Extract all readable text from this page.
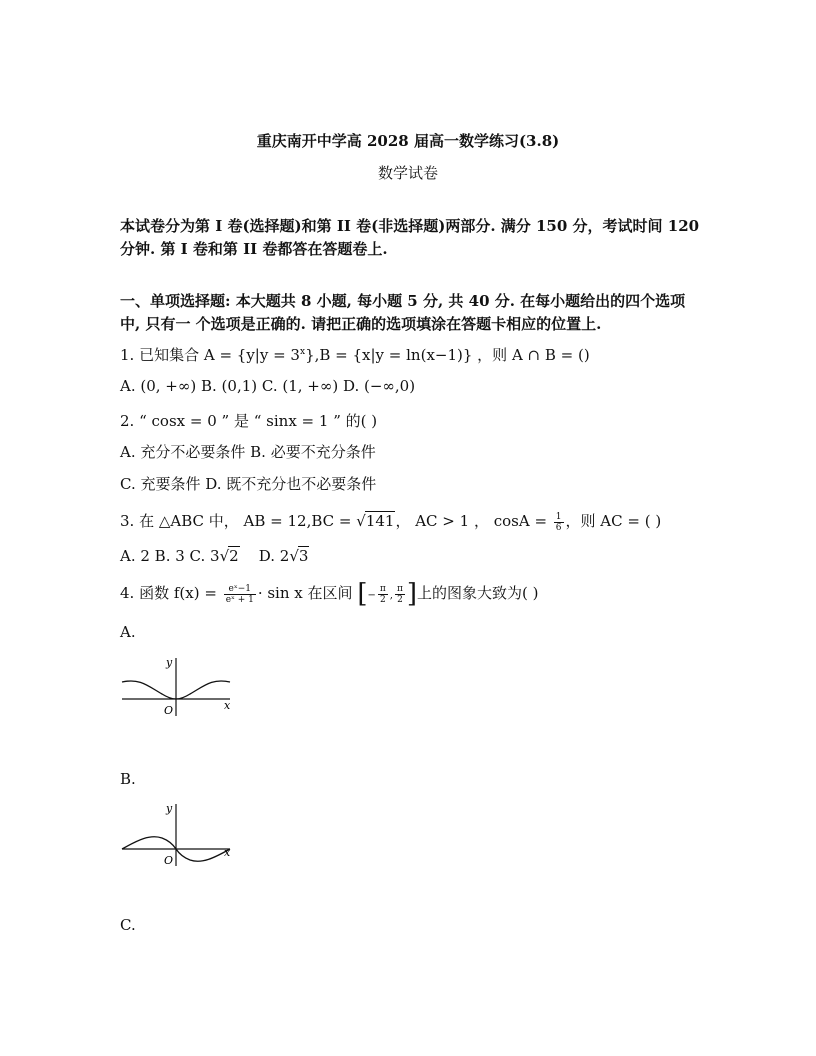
重庆南开中学高 2028 届高一数学练习(3.8)
数学试卷
本试卷分为第 I 卷(选择题)和第 II 卷(非选择题)两部分. 满分 150 分，考试时间 120
分钟. 第 I 卷和第 II 卷都答在答题卷上.
一、单项选择题: 本大题共 8 小题, 每小题 5 分, 共 40 分. 在每小题给出的四个选项
中, 只有一 个选项是正确的. 请把正确的选项填涂在答题卡相应的位置上.
1. 已知集合 $A = \{y|y = 3^x\},B = \{x|y = \ln(x-1)\}$ ，则 A ∩ B = ()
A. (0, +∞) B. (0,1) C. (1, +∞) D. (−∞,0)
2. “ cosx = 0 ” 是 “ sinx = 1 ” 的( )
A. 充分不必要条件 B. 必要不充分条件
C. 充要条件 D. 既不充分也不必要条件
3. 在 △ABC 中， AB = 12,BC = √141， AC > 1 ， $\cos A = \frac{1}{6}$ ，则 AC = ( )
A. 2 B. 3 C. 3√2    D. 2√3
4. 函数 $f(x) = \frac{\text{eˣ−1}}{\text{eˣ + 1}} \cdot \sin x$ 在区间 [− $\frac{\pi}{2}$ , $\frac{\pi}{2}$ ]上的图象大致为( )
A.
y
x
O
B.
y
x
O
C.
